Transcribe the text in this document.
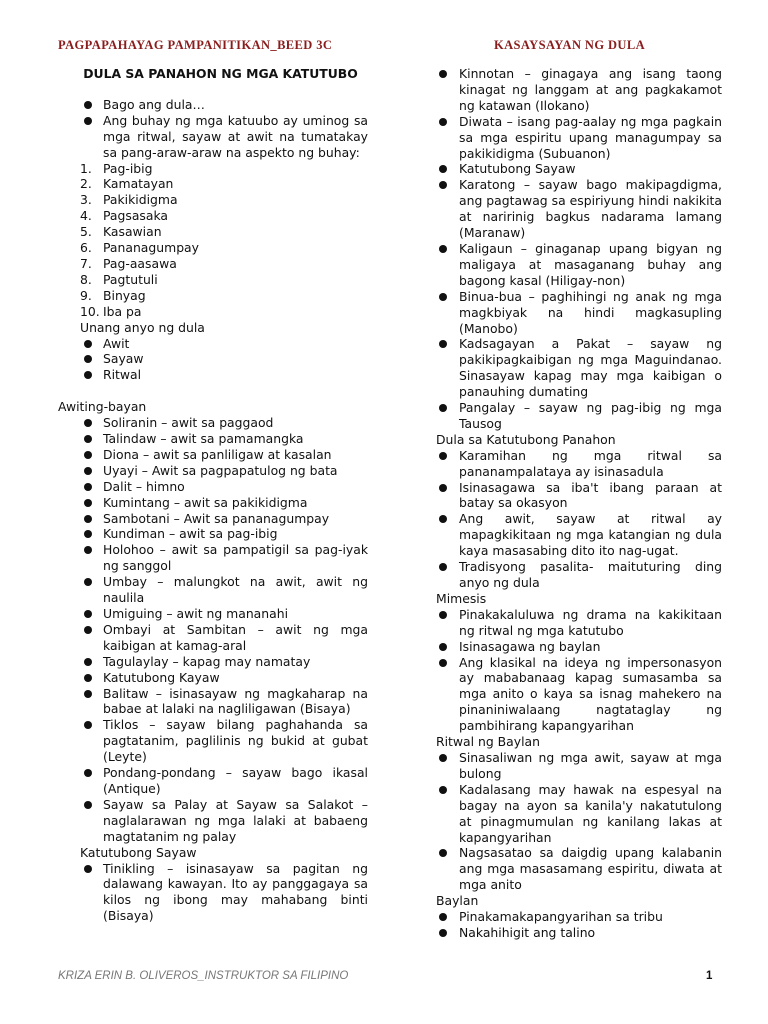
PAGPAPAHAYAG PAMPANITIKAN_BEED 3C	KASAYSAYAN NG DULA
DULA SA PANAHON NG MGA KATUTUBO
Bago ang dula…
Ang buhay ng mga katuubo ay uminog sa mga ritwal, sayaw at awit na tumatakay sa pang-araw-araw na aspekto ng buhay:
1. Pag-ibig
2. Kamatayan
3. Pakikidigma
4. Pagsasaka
5. Kasawian
6. Pananagumpay
7. Pag-aasawa
8. Pagtutuli
9. Binyag
10. Iba pa
Unang anyo ng dula
Awit
Sayaw
Ritwal
Awiting-bayan
Soliranin – awit sa paggaod
Talindaw – awit sa pamamangka
Diona – awit sa panliligaw at kasalan
Uyayi – Awit sa pagpapatulog ng bata
Dalit – himno
Kumintang – awit sa pakikidigma
Sambotani – Awit sa pananagumpay
Kundiman – awit sa pag-ibig
Holohoo – awit sa pampatigil sa pag-iyak ng sanggol
Umbay – malungkot na awit, awit ng naulila
Umiguing – awit ng mananahi
Ombayi at Sambitan – awit ng mga kaibigan at kamag-aral
Tagulaylay – kapag may namatay
Katutubong Kayaw
Balitaw – isinasayaw ng magkaharap na babae at lalaki na nagliligawan (Bisaya)
Tiklos – sayaw bilang paghahanda sa pagtatanim, paglilinis ng bukid at gubat (Leyte)
Pondang-pondang – sayaw bago ikasal (Antique)
Sayaw sa Palay at Sayaw sa Salakot – naglalarawan ng mga lalaki at babaeng magtatanim ng palay
Katutubong Sayaw
Tinikling – isinasayaw sa pagitan ng dalawang kawayan. Ito ay panggagaya sa kilos ng ibong may mahabang binti (Bisaya)
Kinnotan – ginagaya ang isang taong kinagat ng langgam at ang pagkakamot ng katawan (Ilokano)
Diwata – isang pag-aalay ng mga pagkain sa mga espiritu upang managumpay sa pakikidigma (Subuanon)
Katutubong Sayaw
Karatong – sayaw bago makipagdigma, ang pagtawag sa espiriyung hindi nakikita at naririnig bagkus nadarama lamang (Maranaw)
Kaligaun – ginaganap upang bigyan ng maligaya at masaganang buhay ang bagong kasal (Hiligay-non)
Binua-bua – paghihingi ng anak ng mga magkbiyak na hindi magkasupling (Manobo)
Kadsagayan a Pakat – sayaw ng pakikipagkaibigan ng mga Maguindanao. Sinasayaw kapag may mga kaibigan o panauhing dumating
Pangalay – sayaw ng pag-ibig ng mga Tausog
Dula sa Katutubong Panahon
Karamihan ng mga ritwal sa pananampalataya ay isinasadula
Isinasagawa sa iba't ibang paraan at batay sa okasyon
Ang awit, sayaw at ritwal ay mapagkikitaan ng mga katangian ng dula kaya masasabing dito ito nag-ugat.
Tradisyong pasalita- maituturing ding anyo ng dula
Mimesis
Pinakakaluluwa ng drama na kakikitaan ng ritwal ng mga katutubo
Isinasagawa ng baylan
Ang klasikal na ideya ng impersonasyon ay mababanaag kapag sumasamba sa mga anito o kaya sa isnag mahekero na pinaniniwalaang nagtataglay ng pambihirang kapangyarihan
Ritwal ng Baylan
Sinasaliwan ng mga awit, sayaw at mga bulong
Kadalasang may hawak na espesyal na bagay na ayon sa kanila'y nakatutulong at pinagmumulan ng kanilang lakas at kapangyarihan
Nagsasatao sa daigdig upang kalabanin ang mga masasamang espiritu, diwata at mga anito
Baylan
Pinakamakapangyarihan sa tribu
Nakahihigit ang talino
KRIZA ERIN B. OLIVEROS_INSTRUKTOR SA FILIPINO	1
